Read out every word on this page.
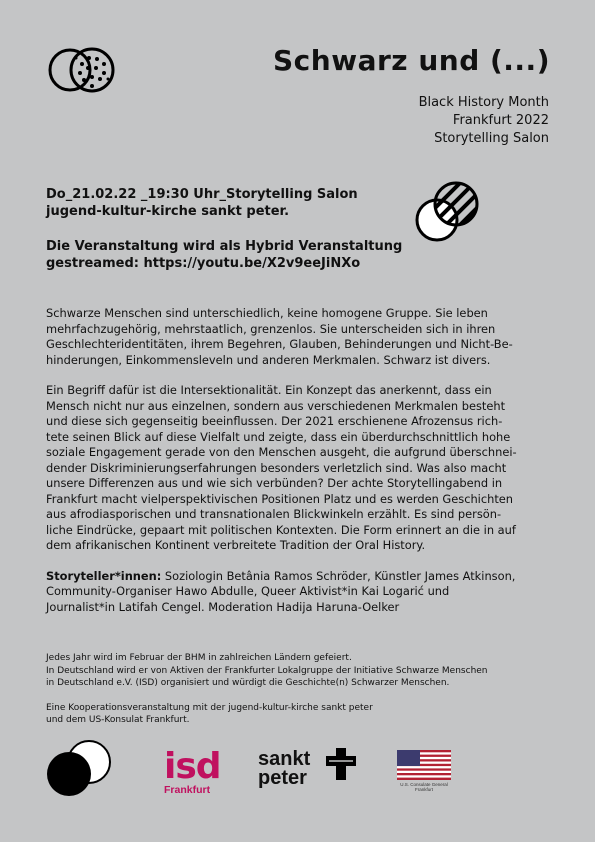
Schwarz und (...)
Black History Month
Frankfurt 2022
Storytelling Salon

Do_21.02.22 _19:30 Uhr_Storytelling Salon

jugend-kultur-kirche sankt peter.

Die Veranstaltung wird als Hybrid Veranstaltung

gestreamed: https://youtu.be/X2v9eeJiNXo

Schwarze Menschen sind unterschiedlich, keine homogene Gruppe. Sie leben
mehrfachzugehörig, mehrstaatlich, grenzenlos. Sie unterscheiden sich in ihren
Geschlechteridentitäten, ihrem Begehren, Glauben, Behinderungen und Nicht-Be-
hinderungen, Einkommensleveln und anderen Merkmalen. Schwarz ist divers.

Ein Begriff dafür ist die Intersektionalität. Ein Konzept das anerkennt, dass ein
Mensch nicht nur aus einzelnen, sondern aus verschiedenen Merkmalen besteht
und diese sich gegenseitig beeinflussen. Der 2021 erschienene Afrozensus rich-
tete seinen Blick auf diese Vielfalt und zeigte, dass ein überdurchschnittlich hohe
soziale Engagement gerade von den Menschen ausgeht, die aufgrund überschnei-
dender Diskriminierungserfahrungen besonders verletzlich sind. Was also macht
unsere Differenzen aus und wie sich verbünden? Der achte Storytellingabend in
Frankfurt macht vielperspektivischen Positionen Platz und es werden Geschichten
aus afrodiasporischen und transnationalen Blickwinkeln erzählt. Es sind persön-
liche Eindrücke, gepaart mit politischen Kontexten. Die Form erinnert an die in auf
dem afrikanischen Kontinent verbreitete Tradition der Oral History.

Storyteller*innen: Soziologin Betânia Ramos Schröder, Künstler James Atkinson,
Community-Organiser Hawo Abdulle, Queer Aktivist*in Kai Logarić und
Journalist*in Latifah Cengel. Moderation Hadija Haruna-Oelker

Jedes Jahr wird im Februar der BHM in zahlreichen Ländern gefeiert.
In Deutschland wird er von Aktiven der Frankfurter Lokalgruppe der Initiative Schwarze Menschen
in Deutschland e.V. (ISD) organisiert und würdigt die Geschichte(n) Schwarzer Menschen.

Eine Kooperationsveranstaltung mit der jugend-kultur-kirche sankt peter
und dem US-Konsulat Frankfurt.

isd
Frankfurt
sankt
peter	U.S. Consulate General
Frankfurt
